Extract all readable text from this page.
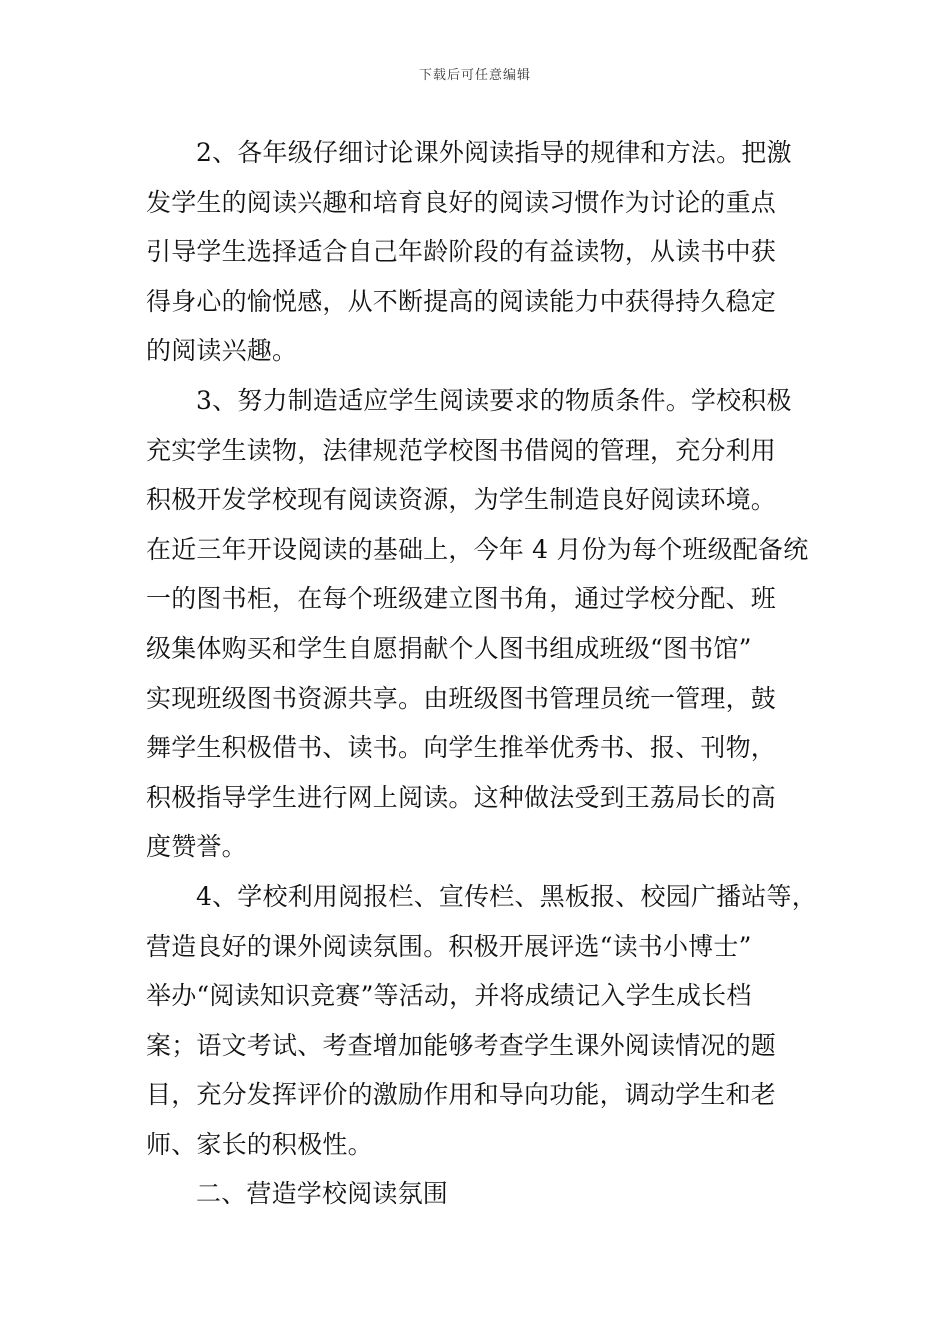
下载后可任意编辑
2、各年级仔细讨论课外阅读指导的规律和方法。把激
发学生的阅读兴趣和培育良好的阅读习惯作为讨论的重点
引导学生选择适合自己年龄阶段的有益读物，从读书中获
得身心的愉悦感，从不断提高的阅读能力中获得持久稳定
的阅读兴趣。
3、努力制造适应学生阅读要求的物质条件。学校积极
充实学生读物，法律规范学校图书借阅的管理，充分利用
积极开发学校现有阅读资源，为学生制造良好阅读环境。
在近三年开设阅读的基础上，今年 4 月份为每个班级配备统
一的图书柜，在每个班级建立图书角，通过学校分配、班
级集体购买和学生自愿捐献个人图书组成班级“图书馆”
实现班级图书资源共享。由班级图书管理员统一管理，鼓
舞学生积极借书、读书。向学生推举优秀书、报、刊物，
积极指导学生进行网上阅读。这种做法受到王荔局长的高
度赞誉。
4、学校利用阅报栏、宣传栏、黑板报、校园广播站等，
营造良好的课外阅读氛围。积极开展评选“读书小博士”
举办“阅读知识竞赛”等活动，并将成绩记入学生成长档
案；语文考试、考查增加能够考查学生课外阅读情况的题
目，充分发挥评价的激励作用和导向功能，调动学生和老
师、家长的积极性。
二、营造学校阅读氛围
